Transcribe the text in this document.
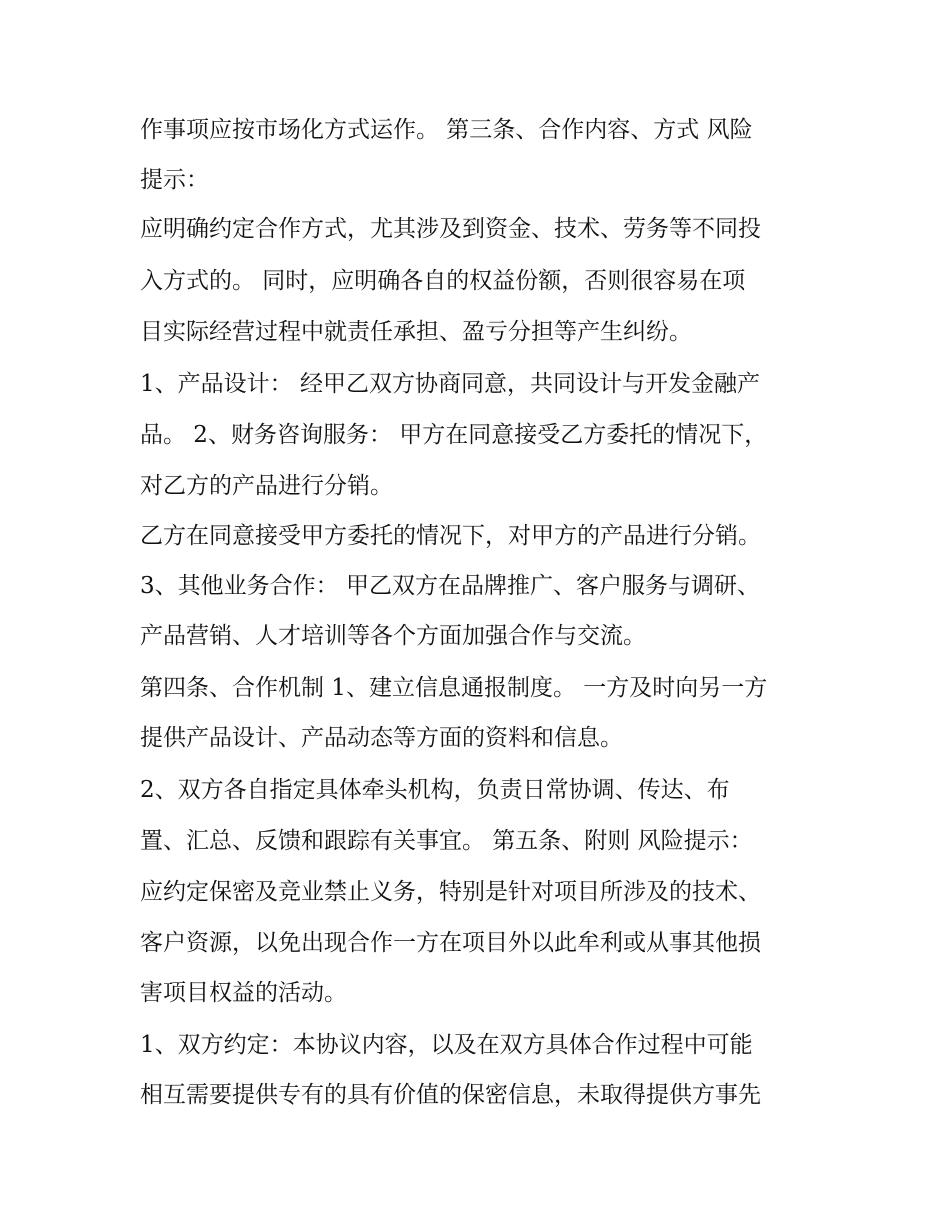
作事项应按市场化方式运作。 第三条、合作内容、方式 风险
提示：
应明确约定合作方式，尤其涉及到资金、技术、劳务等不同投
入方式的。 同时，应明确各自的权益份额，否则很容易在项
目实际经营过程中就责任承担、盈亏分担等产生纠纷。
1、产品设计： 经甲乙双方协商同意，共同设计与开发金融产
品。 2、财务咨询服务： 甲方在同意接受乙方委托的情况下，
对乙方的产品进行分销。
乙方在同意接受甲方委托的情况下，对甲方的产品进行分销。
3、其他业务合作： 甲乙双方在品牌推广、客户服务与调研、
产品营销、人才培训等各个方面加强合作与交流。
第四条、合作机制 1、建立信息通报制度。 一方及时向另一方
提供产品设计、产品动态等方面的资料和信息。
2、双方各自指定具体牵头机构，负责日常协调、传达、布
置、汇总、反馈和跟踪有关事宜。 第五条、附则 风险提示：
应约定保密及竞业禁止义务，特别是针对项目所涉及的技术、
客户资源，以免出现合作一方在项目外以此牟利或从事其他损
害项目权益的活动。
1、双方约定：本协议内容，以及在双方具体合作过程中可能
相互需要提供专有的具有价值的保密信息，未取得提供方事先
